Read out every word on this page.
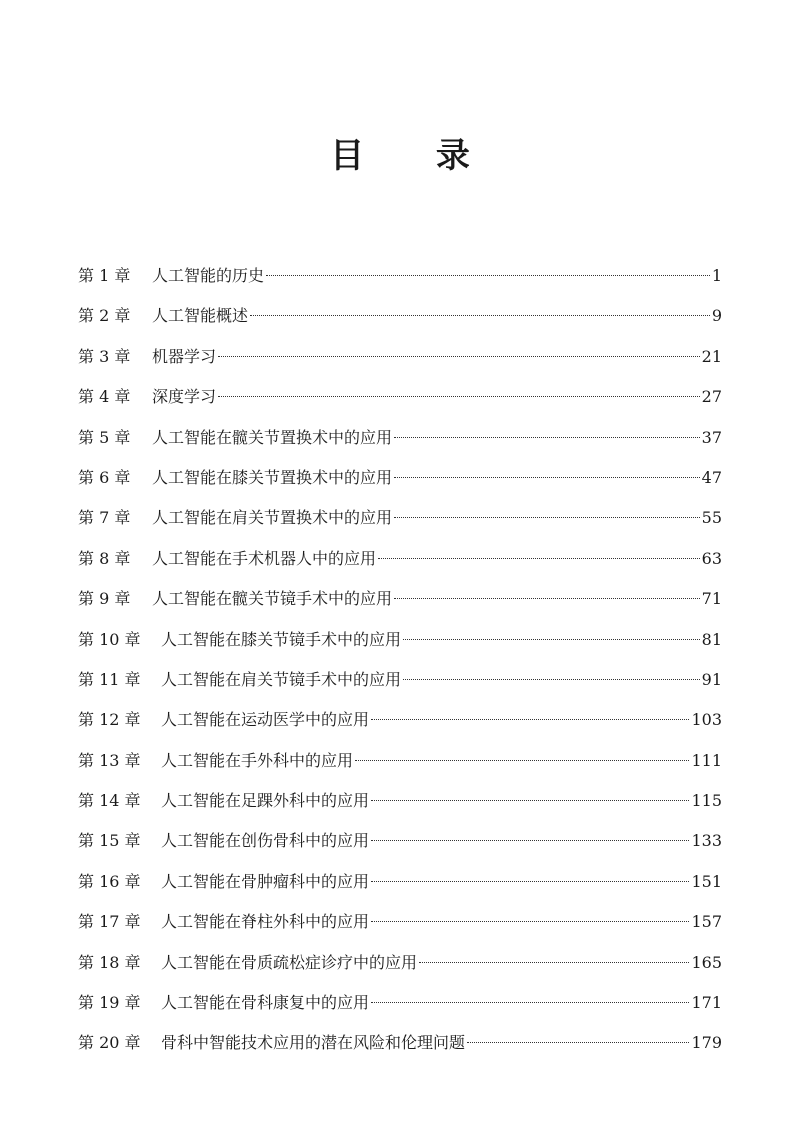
目 录
第 1 章	人工智能的历史	1
第 2 章	人工智能概述	9
第 3 章	机器学习	21
第 4 章	深度学习	27
第 5 章	人工智能在髋关节置换术中的应用	37
第 6 章	人工智能在膝关节置换术中的应用	47
第 7 章	人工智能在肩关节置换术中的应用	55
第 8 章	人工智能在手术机器人中的应用	63
第 9 章	人工智能在髋关节镜手术中的应用	71
第 10 章	人工智能在膝关节镜手术中的应用	81
第 11 章	人工智能在肩关节镜手术中的应用	91
第 12 章	人工智能在运动医学中的应用	103
第 13 章	人工智能在手外科中的应用	111
第 14 章	人工智能在足踝外科中的应用	115
第 15 章	人工智能在创伤骨科中的应用	133
第 16 章	人工智能在骨肿瘤科中的应用	151
第 17 章	人工智能在脊柱外科中的应用	157
第 18 章	人工智能在骨质疏松症诊疗中的应用	165
第 19 章	人工智能在骨科康复中的应用	171
第 20 章	骨科中智能技术应用的潜在风险和伦理问题	179
